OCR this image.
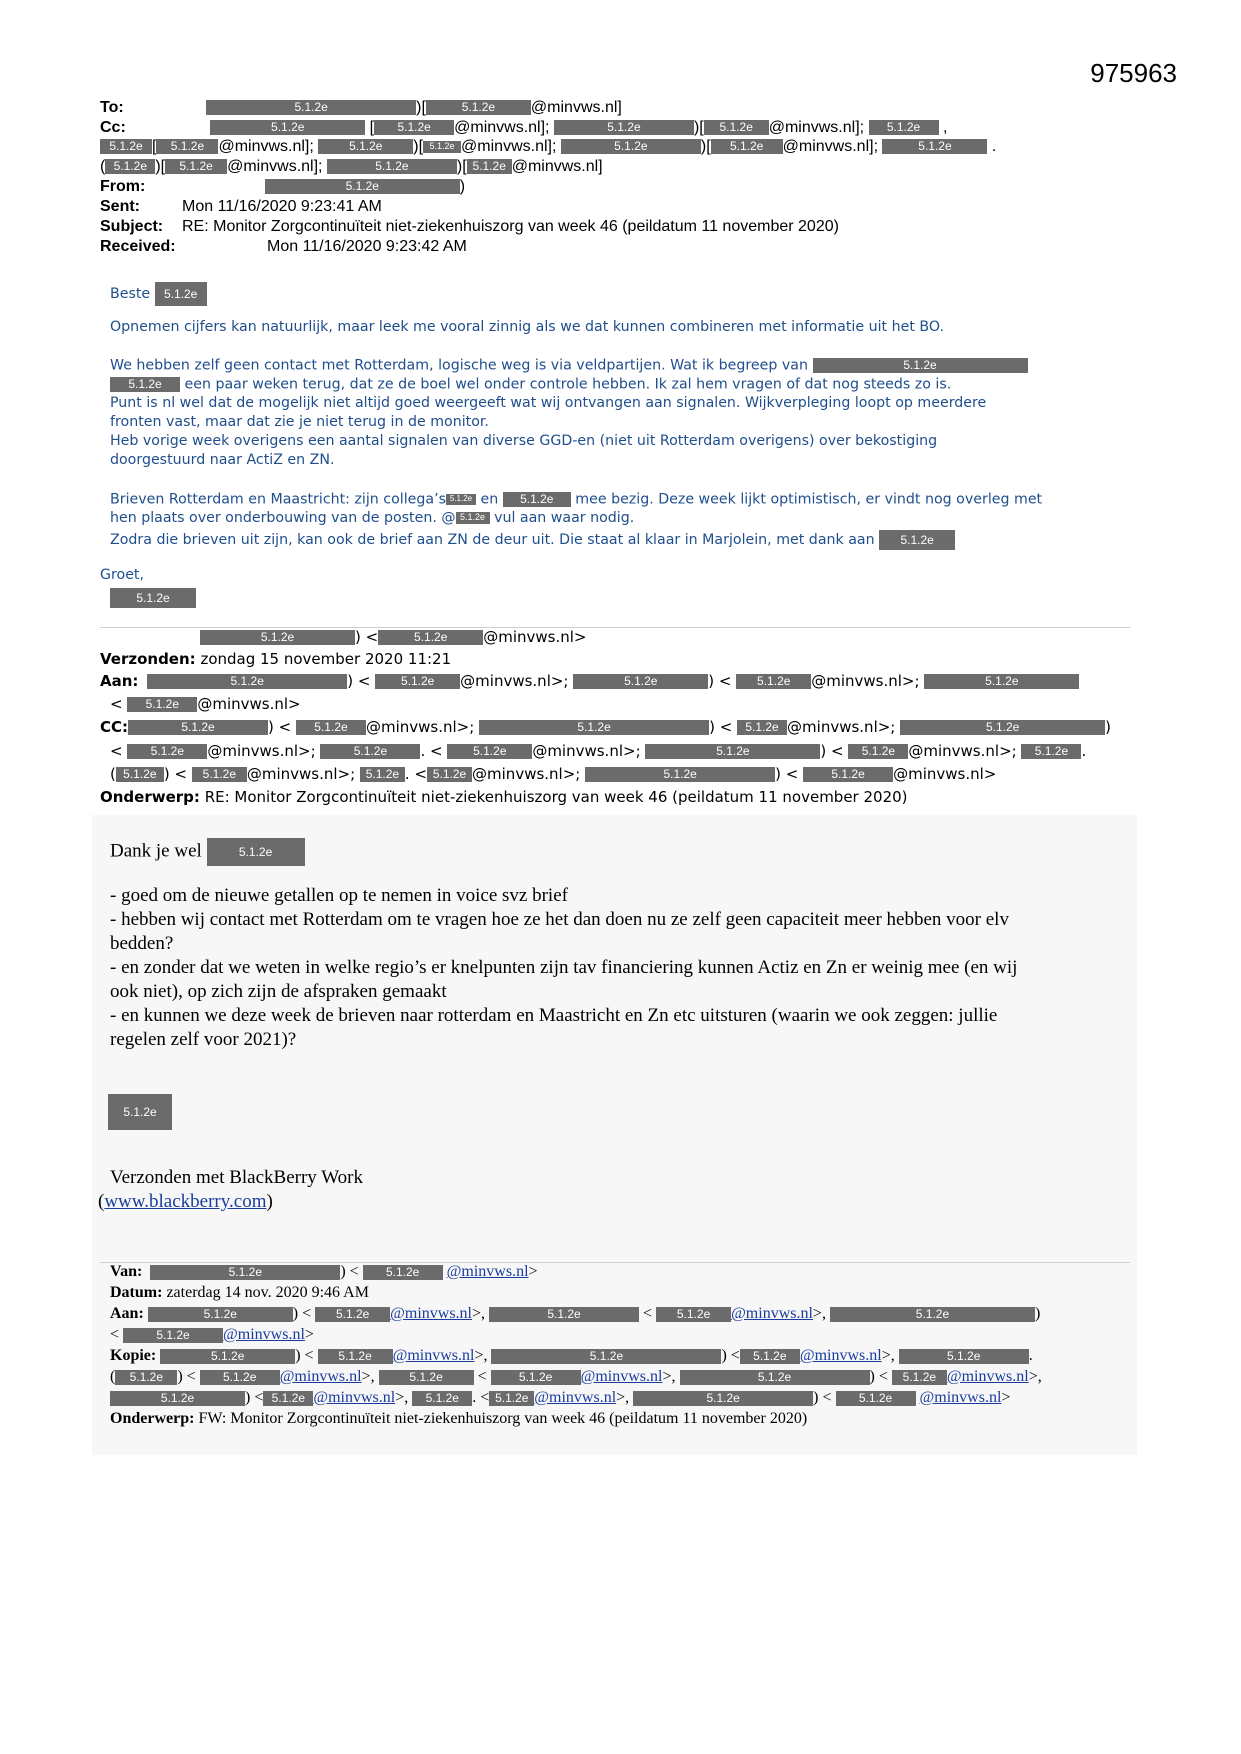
975963
To:	5.1.2e	)[	5.1.2e @minvws.nl]
Cc:	5.1.2e	[ 5.1.2e @minvws.nl];	5.1.2e	)[ 5.1.2e @minvws.nl]; 5.1.2e ,
5.1.2e [ 5.1.2e @minvws.nl];	5.1.2e )[ 5.1.2e @minvws.nl];	5.1.2e	)[ 5.1.2e @minvws.nl];	5.1.2e .
( 5.1.2e )[ 5.1.2e @minvws.nl];	5.1.2e	)[ 5.1.2e @minvws.nl]
From:	5.1.2e	)
Sent:	Mon 11/16/2020 9:23:41 AM
Subject: RE: Monitor Zorgcontinuïteit niet-ziekenhuiszorg van week 46 (peildatum 11 november 2020)
Received:	Mon 11/16/2020 9:23:42 AM
Beste 5.1.2e
Opnemen cijfers kan natuurlijk, maar leek me vooral zinnig als we dat kunnen combineren met informatie uit het BO.
We hebben zelf geen contact met Rotterdam, logische weg is via veldpartijen. Wat ik begreep van	5.1.2e
5.1.2e een paar weken terug, dat ze de boel wel onder controle hebben. Ik zal hem vragen of dat nog steeds zo is.
Punt is nl wel dat de mogelijk niet altijd goed weergeeft wat wij ontvangen aan signalen. Wijkverpleging loopt op meerdere
fronten vast, maar dat zie je niet terug in de monitor.
Heb vorige week overigens een aantal signalen van diverse GGD-en (niet uit Rotterdam overigens) over bekostiging
doorgestuurd naar ActiZ en ZN.
Brieven Rotterdam en Maastricht: zijn collega’s 5.1.2e en 5.1.2e mee bezig. Deze week lijkt optimistisch, er vindt nog overleg met
hen plaats over onderbouwing van de posten. @ 5.1.2e vul aan waar nodig.
Zodra die brieven uit zijn, kan ook de brief aan ZN de deur uit. Die staat al klaar in Marjolein, met dank aan 5.1.2e
Groet,
5.1.2e
5.1.2e	) <	5.1.2e @minvws.nl>
Verzonden: zondag 15 november 2020 11:21
Aan:	5.1.2e	) < 5.1.2e @minvws.nl>;	5.1.2e	) < 5.1.2e @minvws.nl>;	5.1.2e
< 5.1.2e @minvws.nl>
CC:	5.1.2e	) < 5.1.2e @minvws.nl>;	5.1.2e	) < 5.1.2e @minvws.nl>;	5.1.2e	)
< 5.1.2e @minvws.nl>;	5.1.2e . < 5.1.2e @minvws.nl>;	5.1.2e	) < 5.1.2e @minvws.nl>; 5.1.2e .
( 5.1.2e ) < 5.1.2e @minvws.nl>; 5.1.2e . < 5.1.2e @minvws.nl>;	5.1.2e	) < 5.1.2e @minvws.nl>
Onderwerp: RE: Monitor Zorgcontinuïteit niet-ziekenhuiszorg van week 46 (peildatum 11 november 2020)
Dank je wel	5.1.2e
- goed om de nieuwe getallen op te nemen in voice svz brief
- hebben wij contact met Rotterdam om te vragen hoe ze het dan doen nu ze zelf geen capaciteit meer hebben voor elv
bedden?
- en zonder dat we weten in welke regio’s er knelpunten zijn tav financiering kunnen Actiz en Zn er weinig mee (en wij
ook niet), op zich zijn de afspraken gemaakt
- en kunnen we deze week de brieven naar rotterdam en Maastricht en Zn etc uitsturen (waarin we ook zeggen: jullie
regelen zelf voor 2021)?
5.1.2e
Verzonden met BlackBerry Work
(www.blackberry.com)
Van:	5.1.2e	) < 5.1.2e @minvws.nl>
Datum: zaterdag 14 nov. 2020 9:46 AM
Aan:	5.1.2e	) < 5.1.2e @minvws.nl>,	5.1.2e	< 5.1.2e @minvws.nl>,	5.1.2e	)
<	5.1.2e @minvws.nl>
Kopie:	5.1.2e	) < 5.1.2e @minvws.nl>,	5.1.2e	) < 5.1.2e @minvws.nl>,	5.1.2e	.
( 5.1.2e ) < 5.1.2e @minvws.nl>,	5.1.2e < 5.1.2e @minvws.nl>,	5.1.2e	) < 5.1.2e @minvws.nl>,
5.1.2e	) < 5.1.2e @minvws.nl>, 5.1.2e . < 5.1.2e @minvws.nl>,	5.1.2e	) < 5.1.2e @minvws.nl>
Onderwerp: FW: Monitor Zorgcontinuïteit niet-ziekenhuiszorg van week 46 (peildatum 11 november 2020)
